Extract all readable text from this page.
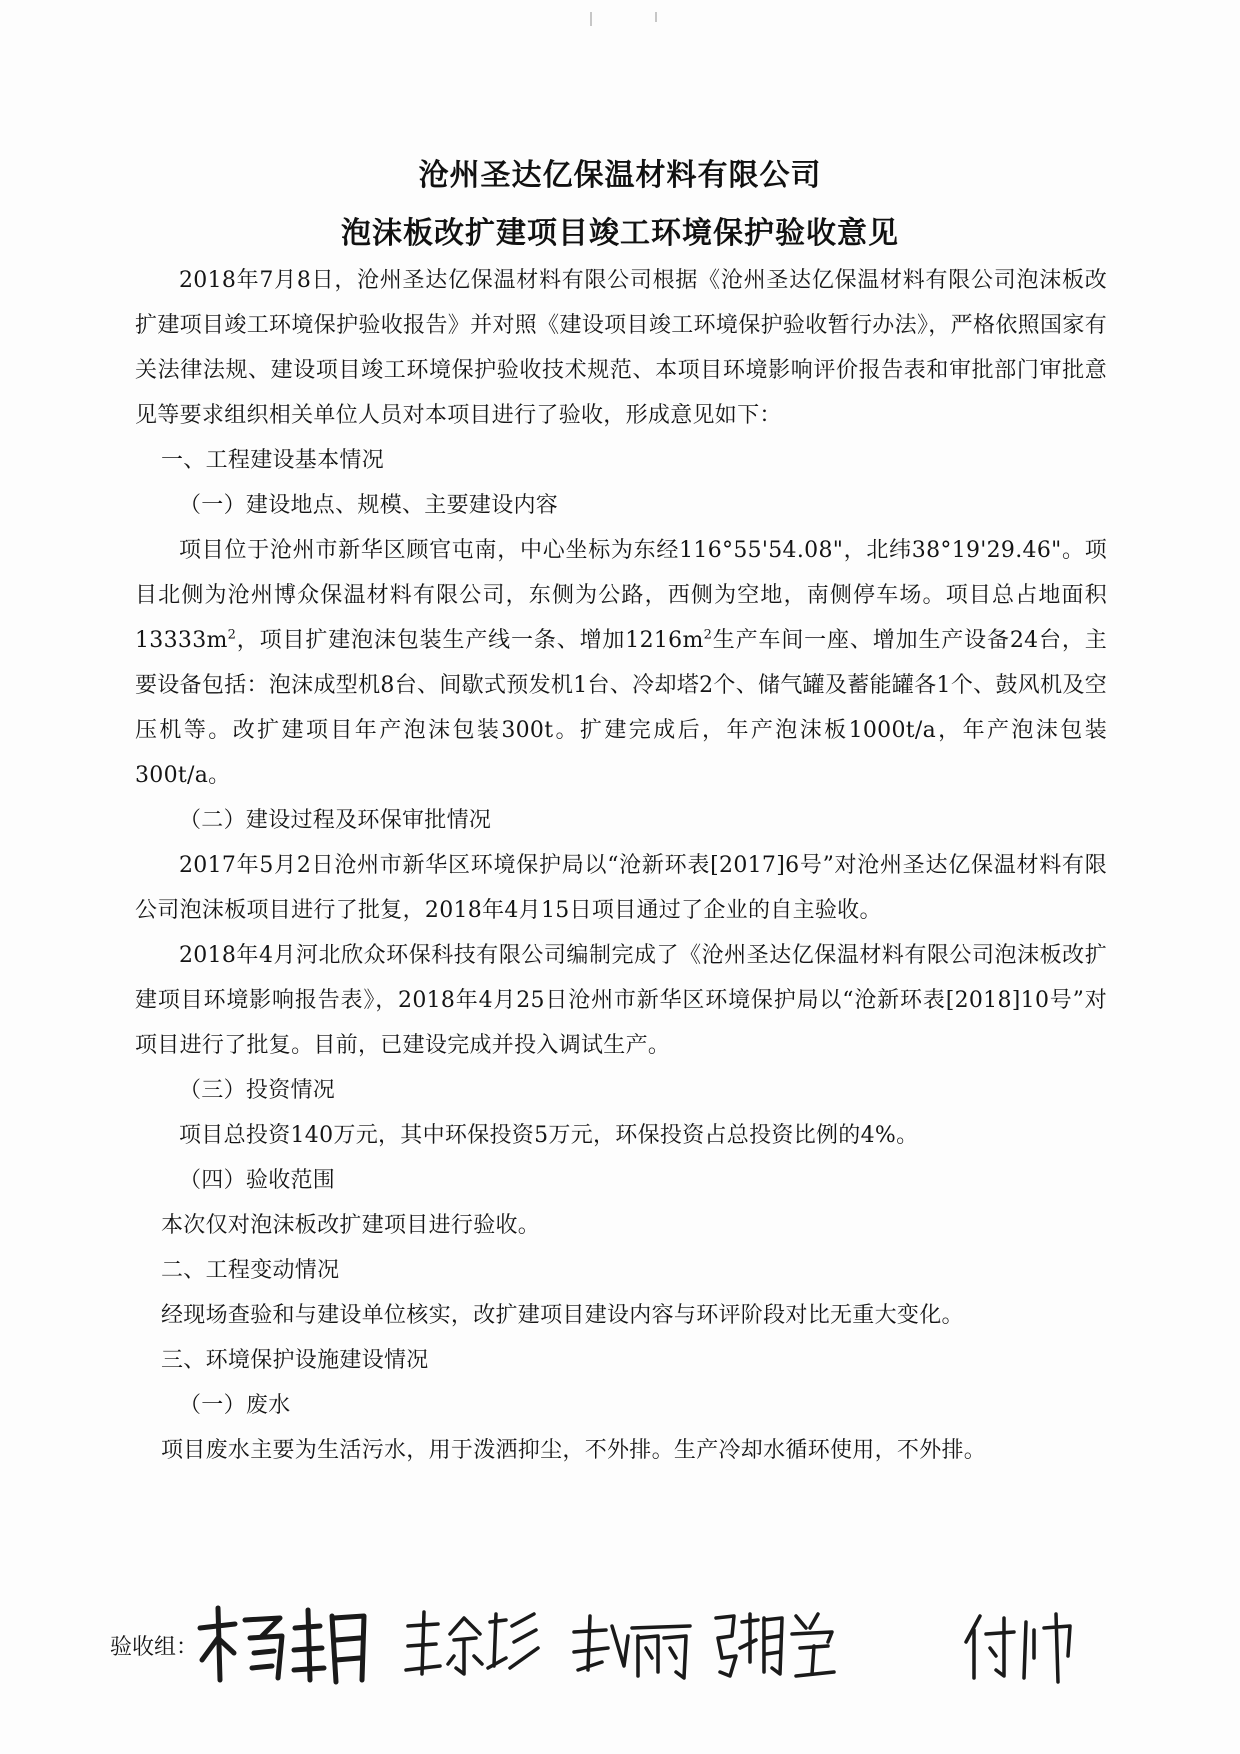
沧州圣达亿保温材料有限公司
泡沫板改扩建项目竣工环境保护验收意见

2018年7月8日，沧州圣达亿保温材料有限公司根据《沧州圣达亿保温材料有限公司泡沫板改扩建项目竣工环境保护验收报告》并对照《建设项目竣工环境保护验收暂行办法》，严格依照国家有关法律法规、建设项目竣工环境保护验收技术规范、本项目环境影响评价报告表和审批部门审批意见等要求组织相关单位人员对本项目进行了验收，形成意见如下：

一、工程建设基本情况

（一）建设地点、规模、主要建设内容

项目位于沧州市新华区顾官屯南，中心坐标为东经116°55'54.08"，北纬38°19'29.46"。项目北侧为沧州博众保温材料有限公司，东侧为公路，西侧为空地，南侧停车场。项目总占地面积$13333m^2$，项目扩建泡沫包装生产线一条、增加$1216m^2$生产车间一座、增加生产设备24台，主要设备包括：泡沫成型机8台、间歇式预发机1台、冷却塔2个、储气罐及蓄能罐各1个、鼓风机及空压机等。改扩建项目年产泡沫包装300t。扩建完成后，年产泡沫板1000t/a，年产泡沫包装300t/a。

（二）建设过程及环保审批情况

2017年5月2日沧州市新华区环境保护局以“沧新环表[2017]6号”对沧州圣达亿保温材料有限公司泡沫板项目进行了批复，2018年4月15日项目通过了企业的自主验收。

2018年4月河北欣众环保科技有限公司编制完成了《沧州圣达亿保温材料有限公司泡沫板改扩建项目环境影响报告表》，2018年4月25日沧州市新华区环境保护局以“沧新环表[2018]10号”对项目进行了批复。目前，已建设完成并投入调试生产。

（三）投资情况

项目总投资140万元，其中环保投资5万元，环保投资占总投资比例的4%。

（四）验收范围

本次仅对泡沫板改扩建项目进行验收。

二、工程变动情况

经现场查验和与建设单位核实，改扩建项目建设内容与环评阶段对比无重大变化。

三、环境保护设施建设情况

（一）废水

项目废水主要为生活污水，用于泼洒抑尘，不外排。生产冷却水循环使用，不外排。

验收组：
